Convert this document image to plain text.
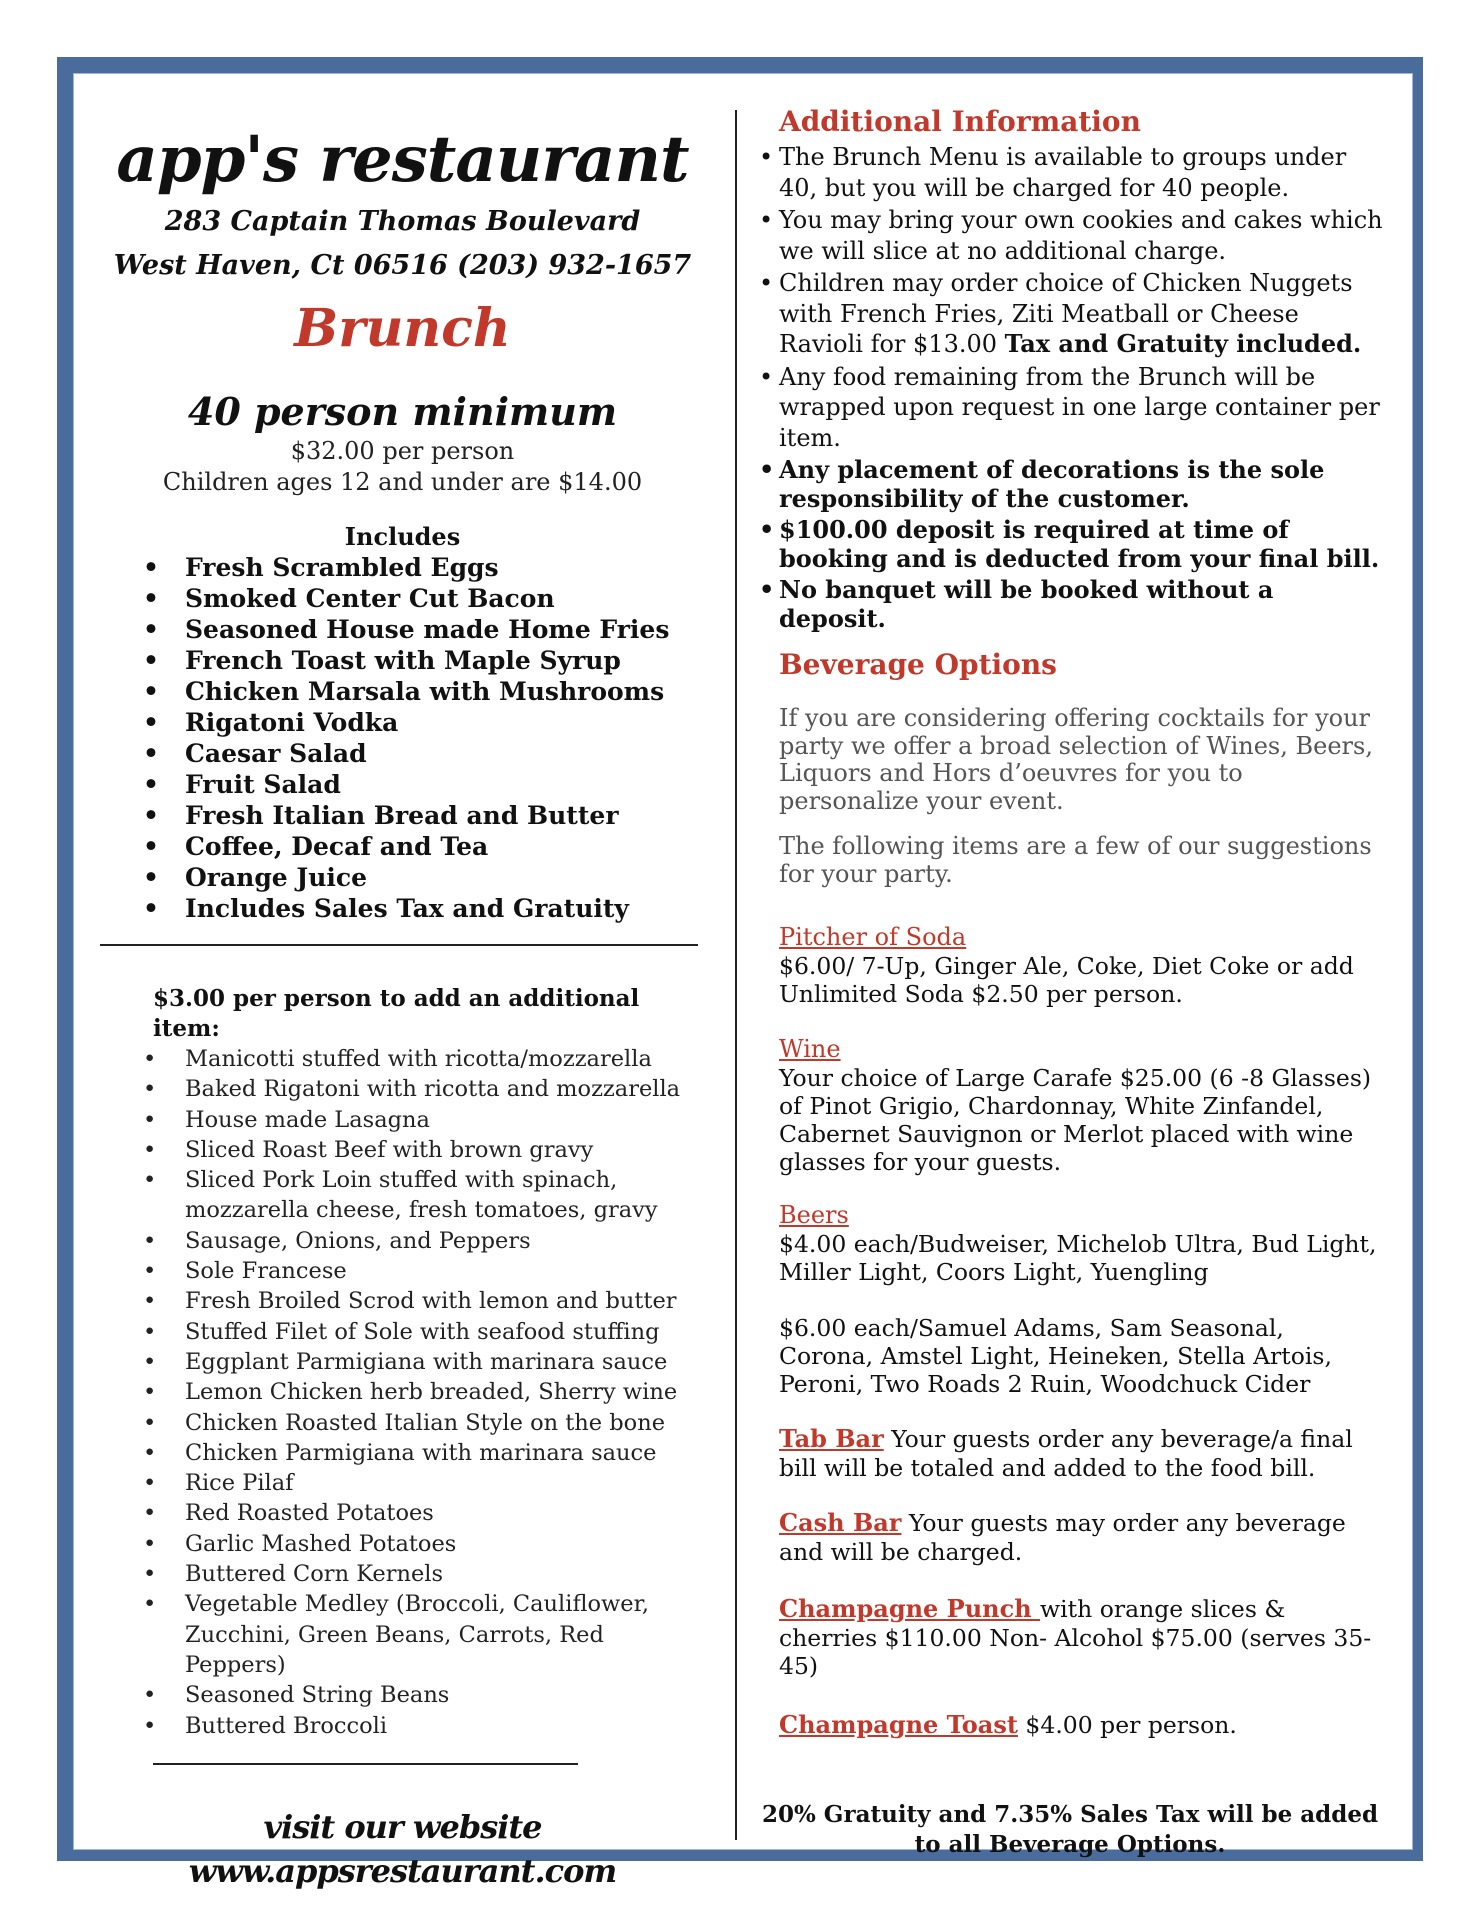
app's restaurant
283 Captain Thomas Boulevard
West Haven, Ct 06516 (203) 932-1657
Brunch
40 person minimum
$32.00 per person
Children ages 12 and under are $14.00
Includes
• Fresh Scrambled Eggs
• Smoked Center Cut Bacon
• Seasoned House made Home Fries
• French Toast with Maple Syrup
• Chicken Marsala with Mushrooms
• Rigatoni Vodka
• Caesar Salad
• Fruit Salad
• Fresh Italian Bread and Butter
• Coffee, Decaf and Tea
• Orange Juice
• Includes Sales Tax and Gratuity
$3.00 per person to add an additional item:
• Manicotti stuffed with ricotta/mozzarella
• Baked Rigatoni with ricotta and mozzarella
• House made Lasagna
• Sliced Roast Beef with brown gravy
• Sliced Pork Loin stuffed with spinach, mozzarella cheese, fresh tomatoes, gravy
• Sausage, Onions, and Peppers
• Sole Francese
• Fresh Broiled Scrod with lemon and butter
• Stuffed Filet of Sole with seafood stuffing
• Eggplant Parmigiana with marinara sauce
• Lemon Chicken herb breaded, Sherry wine
• Chicken Roasted Italian Style on the bone
• Chicken Parmigiana with marinara sauce
• Rice Pilaf
• Red Roasted Potatoes
• Garlic Mashed Potatoes
• Buttered Corn Kernels
• Vegetable Medley (Broccoli, Cauliflower, Zucchini, Green Beans, Carrots, Red Peppers)
• Seasoned String Beans
• Buttered Broccoli
visit our website www.appsrestaurant.com
Additional Information
• The Brunch Menu is available to groups under 40, but you will be charged for 40 people.
• You may bring your own cookies and cakes which we will slice at no additional charge.
• Children may order choice of Chicken Nuggets with French Fries, Ziti Meatball or Cheese Ravioli for $13.00 Tax and Gratuity included.
• Any food remaining from the Brunch will be wrapped upon request in one large container per item.
• Any placement of decorations is the sole responsibility of the customer.
• $100.00 deposit is required at time of booking and is deducted from your final bill.
• No banquet will be booked without a deposit.
Beverage Options
If you are considering offering cocktails for your party we offer a broad selection of Wines, Beers, Liquors and Hors d’oeuvres for you to personalize your event.
The following items are a few of our suggestions for your party.
Pitcher of Soda
$6.00/ 7-Up, Ginger Ale, Coke, Diet Coke or add Unlimited Soda $2.50 per person.
Wine
Your choice of Large Carafe $25.00 (6 -8 Glasses) of Pinot Grigio, Chardonnay, White Zinfandel, Cabernet Sauvignon or Merlot placed with wine glasses for your guests.
Beers
$4.00 each/Budweiser, Michelob Ultra, Bud Light, Miller Light, Coors Light, Yuengling
$6.00 each/Samuel Adams, Sam Seasonal, Corona, Amstel Light, Heineken, Stella Artois, Peroni, Two Roads 2 Ruin, Woodchuck Cider
Tab Bar Your guests order any beverage/a final bill will be totaled and added to the food bill.
Cash Bar Your guests may order any beverage and will be charged.
Champagne Punch with orange slices & cherries $110.00 Non- Alcohol $75.00 (serves 35-45)
Champagne Toast $4.00 per person.
20% Gratuity and 7.35% Sales Tax will be added
to all Beverage Options.
